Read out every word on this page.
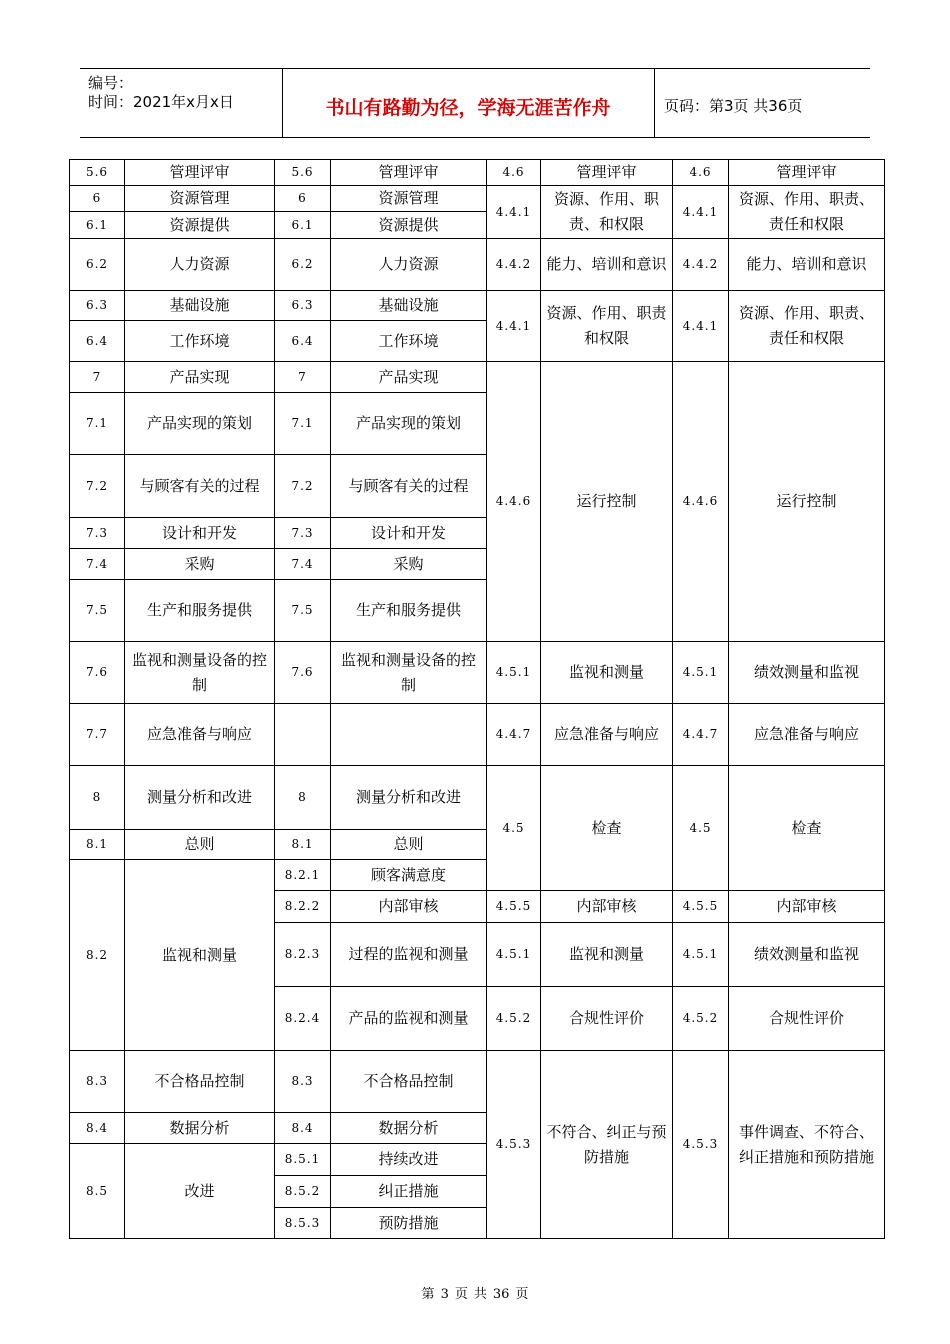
编号：
时间：2021年x月x日	书山有路勤为径，学海无涯苦作舟	页码：第3页 共36页
5.6	管理评审	5.6	管理评审	4.6	管理评审	4.6	管理评审
6	资源管理	6	资源管理	4.4.1	资源、作用、职责、和权限	4.4.1	资源、作用、职责、责任和权限
6.1	资源提供	6.1	资源提供				
6.2	人力资源	6.2	人力资源	4.4.2	能力、培训和意识	4.4.2	能力、培训和意识
6.3	基础设施	6.3	基础设施	4.4.1	资源、作用、职责和权限	4.4.1	资源、作用、职责、责任和权限
6.4	工作环境	6.4	工作环境				
7	产品实现	7	产品实现	4.4.6	运行控制	4.4.6	运行控制
7.1	产品实现的策划	7.1	产品实现的策划				
7.2	与顾客有关的过程	7.2	与顾客有关的过程				
7.3	设计和开发	7.3	设计和开发				
7.4	采购	7.4	采购				
7.5	生产和服务提供	7.5	生产和服务提供				
7.6	监视和测量设备的控制	7.6	监视和测量设备的控制	4.5.1	监视和测量	4.5.1	绩效测量和监视
7.7	应急准备与响应			4.4.7	应急准备与响应	4.4.7	应急准备与响应
8	测量分析和改进	8	测量分析和改进	4.5	检查	4.5	检查
8.1	总则	8.1	总则				
8.2	监视和测量	8.2.1	顾客满意度				
		8.2.2	内部审核	4.5.5	内部审核	4.5.5	内部审核
		8.2.3	过程的监视和测量	4.5.1	监视和测量	4.5.1	绩效测量和监视
		8.2.4	产品的监视和测量	4.5.2	合规性评价	4.5.2	合规性评价
8.3	不合格品控制	8.3	不合格品控制	4.5.3	不符合、纠正与预防措施	4.5.3	事件调查、不符合、纠正措施和预防措施
8.4	数据分析	8.4	数据分析				
8.5	改进	8.5.1	持续改进				
		8.5.2	纠正措施				
		8.5.3	预防措施				
第 3 页 共 36 页
